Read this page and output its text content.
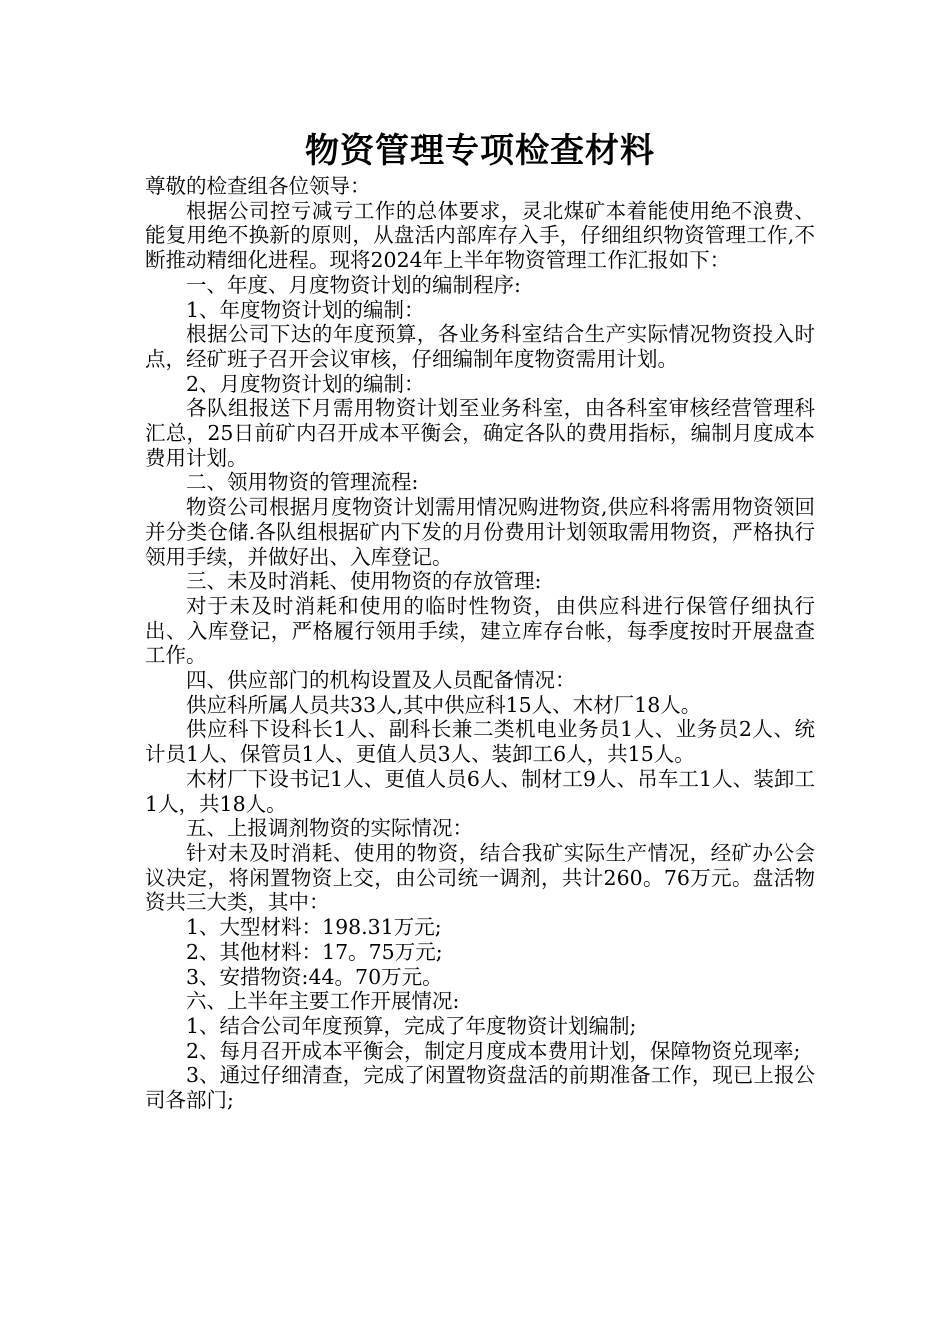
物资管理专项检查材料

尊敬的检查组各位领导：

根据公司控亏减亏工作的总体要求，灵北煤矿本着能使用绝不浪费、能复用绝不换新的原则，从盘活内部库存入手，仔细组织物资管理工作,不断推动精细化进程。现将2024年上半年物资管理工作汇报如下：

一、年度、月度物资计划的编制程序:

1、年度物资计划的编制：

根据公司下达的年度预算，各业务科室结合生产实际情况物资投入时点，经矿班子召开会议审核，仔细编制年度物资需用计划。

2、月度物资计划的编制：

各队组报送下月需用物资计划至业务科室，由各科室审核经营管理科汇总，25日前矿内召开成本平衡会，确定各队的费用指标，编制月度成本费用计划。

二、领用物资的管理流程:

物资公司根据月度物资计划需用情况购进物资,供应科将需用物资领回并分类仓储.各队组根据矿内下发的月份费用计划领取需用物资，严格执行领用手续，并做好出、入库登记。

三、未及时消耗、使用物资的存放管理:

对于未及时消耗和使用的临时性物资，由供应科进行保管仔细执行出、入库登记，严格履行领用手续，建立库存台帐，每季度按时开展盘查工作。

四、供应部门的机构设置及人员配备情况：

供应科所属人员共33人,其中供应科15人、木材厂18人。

供应科下设科长1人、副科长兼二类机电业务员1人、业务员2人、统计员1人、保管员1人、更值人员3人、装卸工6人，共15人。

木材厂下设书记1人、更值人员6人、制材工9人、吊车工1人、装卸工1人，共18人。

五、上报调剂物资的实际情况：

针对未及时消耗、使用的物资，结合我矿实际生产情况，经矿办公会议决定，将闲置物资上交，由公司统一调剂，共计260。76万元。盘活物资共三大类，其中：

1、大型材料：198.31万元;

2、其他材料：17。75万元;

3、安措物资:44。70万元。

六、上半年主要工作开展情况:

1、结合公司年度预算，完成了年度物资计划编制;

2、每月召开成本平衡会，制定月度成本费用计划，保障物资兑现率;

3、通过仔细清查，完成了闲置物资盘活的前期准备工作，现已上报公司各部门;
